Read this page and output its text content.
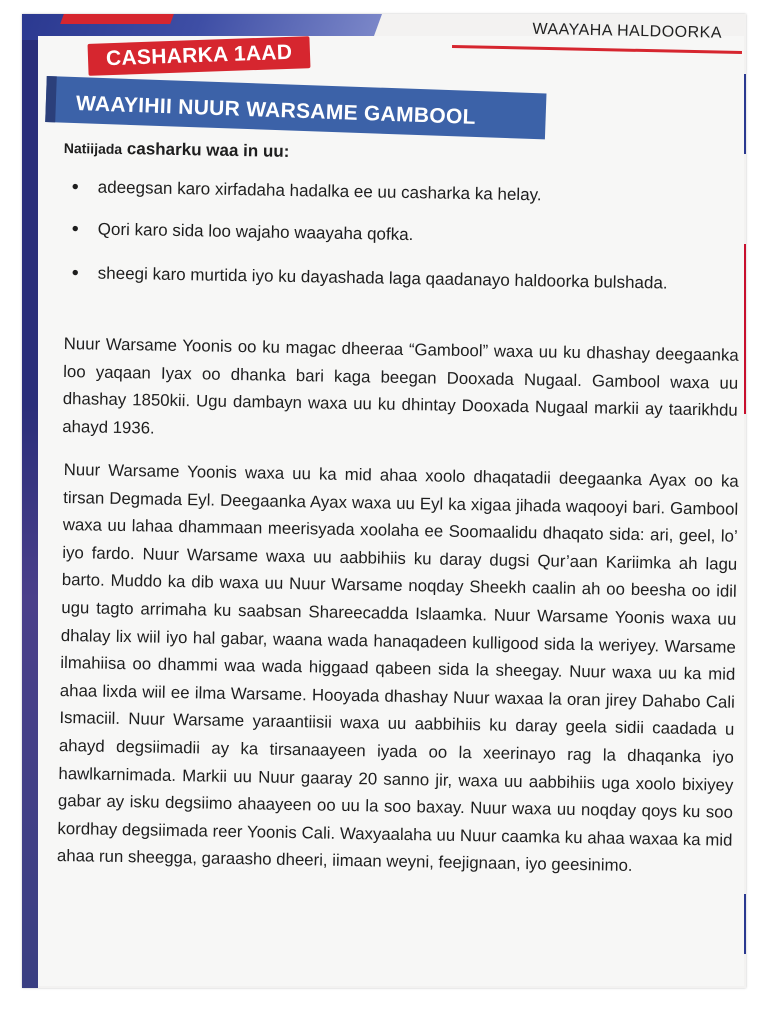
WAAYAHA HALDOORKA
CASHARKA 1AAD
WAAYIHII NUUR WARSAME GAMBOOL
Natiijada casharku waa in uu:
• adeegsan karo xirfadaha hadalka ee uu casharka ka helay.
• Qori karo sida loo wajaho waayaha qofka.
• sheegi karo murtida iyo ku dayashada laga qaadanayo haldoorka bulshada.

Nuur Warsame Yoonis oo ku magac dheeraa “Gambool” waxa uu ku dhashay deegaanka loo yaqaan Iyax oo dhanka bari kaga beegan Dooxada Nugaal. Gambool waxa uu dhashay 1850kii. Ugu dambayn waxa uu ku dhintay Dooxada Nugaal markii ay taarikhdu ahayd 1936.

Nuur Warsame Yoonis waxa uu ka mid ahaa xoolo dhaqatadii deegaanka Ayax oo ka tirsan Degmada Eyl. Deegaanka Ayax waxa uu Eyl ka xigaa jihada waqooyi bari. Gambool waxa uu lahaa dhammaan meerisyada xoolaha ee Soomaalidu dhaqato sida: ari, geel, lo’ iyo fardo. Nuur Warsame waxa uu aabbihiis ku daray dugsi Qur’aan Kariimka ah lagu barto. Muddo ka dib waxa uu Nuur Warsame noqday Sheekh caalin ah oo beesha oo idil ugu tagto arrimaha ku saabsan Shareecadda Islaamka. Nuur Warsame Yoonis waxa uu dhalay lix wiil iyo hal gabar, waana wada hanaqadeen kulligood sida la weriyey. Warsame ilmahiisa oo dhammi waa wada higgaad qabeen sida la sheegay. Nuur waxa uu ka mid ahaa lixda wiil ee ilma Warsame. Hooyada dhashay Nuur waxaa la oran jirey Dahabo Cali Ismaciil. Nuur Warsame yaraantiisii waxa uu aabbihiis ku daray geela sidii caadada u ahayd degsiimadii ay ka tirsanaayeen iyada oo la xeerinayo rag la dhaqanka iyo hawlkarnimada. Markii uu Nuur gaaray 20 sanno jir, waxa uu aabbihiis uga xoolo bixiyey gabar ay isku degsiimo ahaayeen oo uu la soo baxay. Nuur waxa uu noqday qoys ku soo kordhay degsiimada reer Yoonis Cali. Waxyaalaha uu Nuur caamka ku ahaa waxaa ka mid ahaa run sheegga, garaasho dheeri, iimaan weyni, feejignaan, iyo geesinimo.
